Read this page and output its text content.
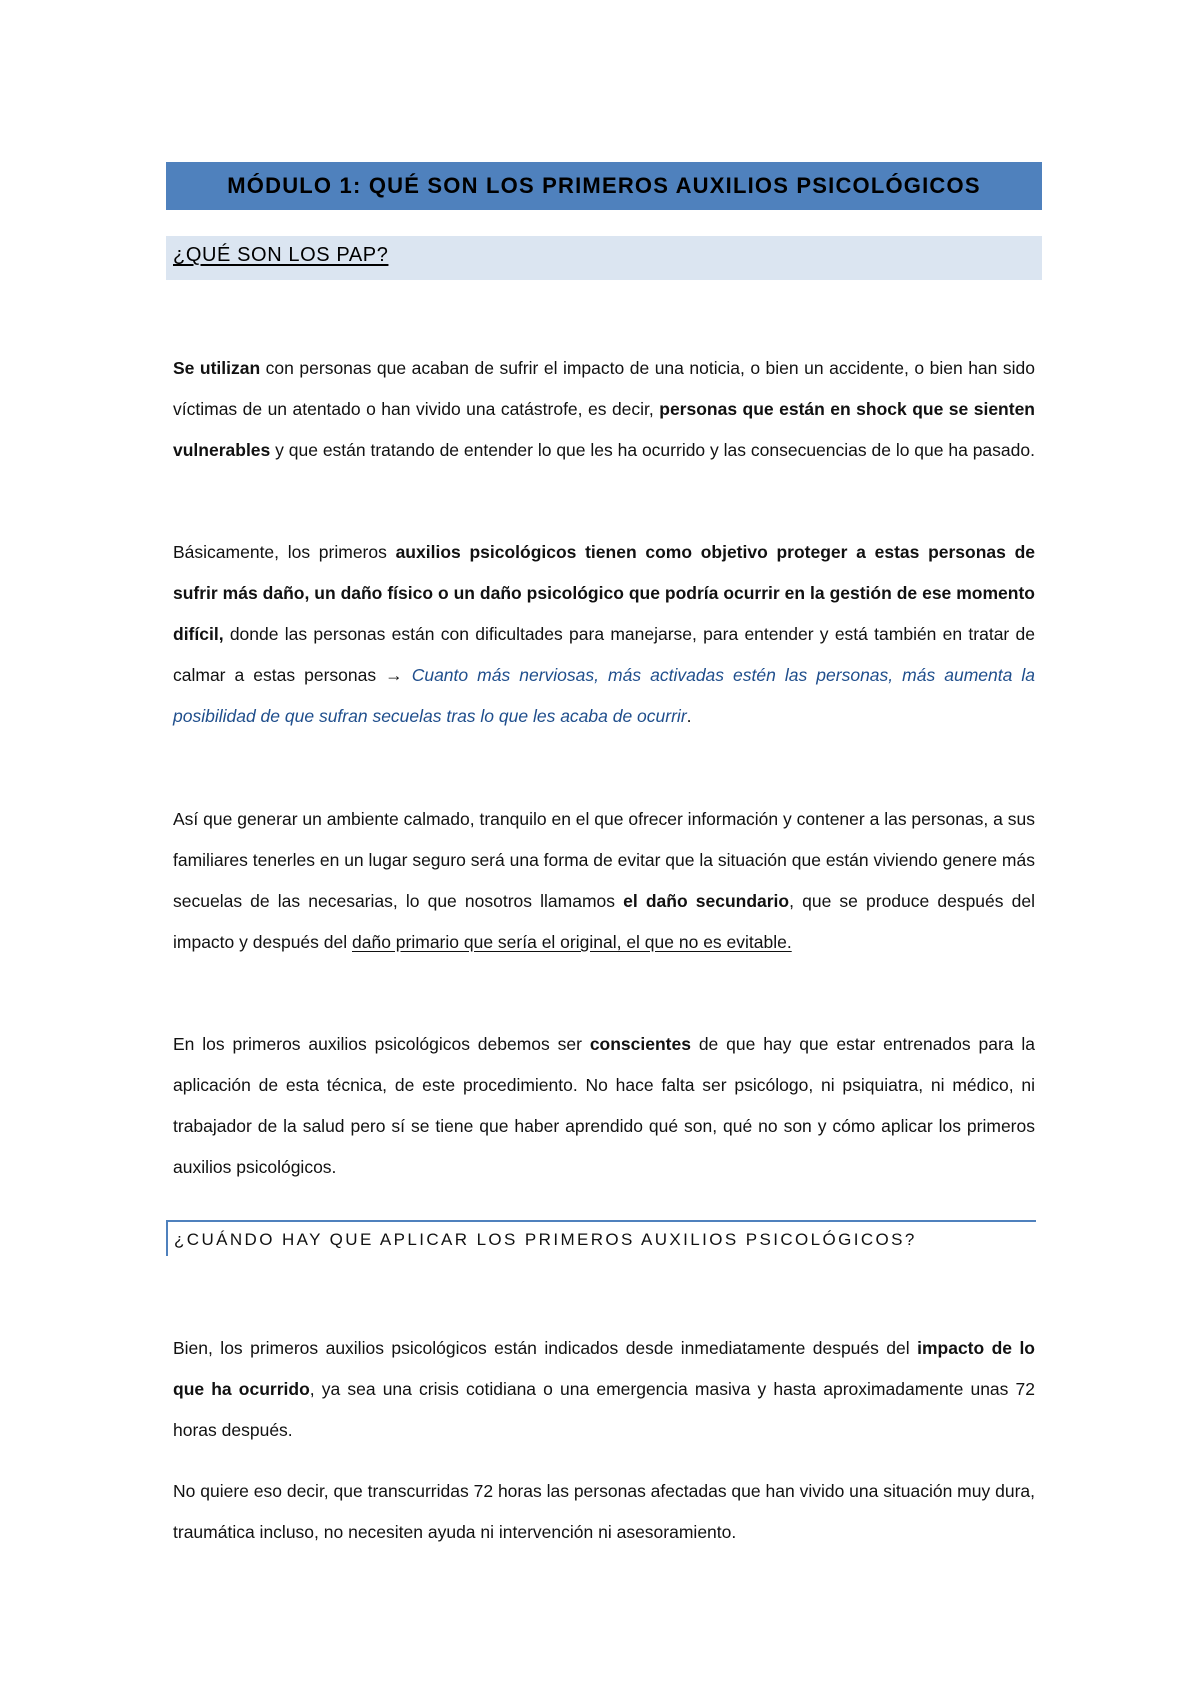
MÓDULO 1: QUÉ SON LOS PRIMEROS AUXILIOS PSICOLÓGICOS
¿QUÉ SON LOS PAP?

Se utilizan con personas que acaban de sufrir el impacto de una noticia, o bien un accidente, o bien han sido víctimas de un atentado o han vivido una catástrofe, es decir, personas que están en shock que se sienten vulnerables y que están tratando de entender lo que les ha ocurrido y las consecuencias de lo que ha pasado.

Básicamente, los primeros auxilios psicológicos tienen como objetivo proteger a estas personas de sufrir más daño, un daño físico o un daño psicológico que podría ocurrir en la gestión de ese momento difícil, donde las personas están con dificultades para manejarse, para entender y está también en tratar de calmar a estas personas → Cuanto más nerviosas, más activadas estén las personas, más aumenta la posibilidad de que sufran secuelas tras lo que les acaba de ocurrir.

Así que generar un ambiente calmado, tranquilo en el que ofrecer información y contener a las personas, a sus familiares tenerles en un lugar seguro será una forma de evitar que la situación que están viviendo genere más secuelas de las necesarias, lo que nosotros llamamos el daño secundario, que se produce después del impacto y después del daño primario que sería el original, el que no es evitable.

En los primeros auxilios psicológicos debemos ser conscientes de que hay que estar entrenados para la aplicación de esta técnica, de este procedimiento. No hace falta ser psicólogo, ni psiquiatra, ni médico, ni trabajador de la salud pero sí se tiene que haber aprendido qué son, qué no son y cómo aplicar los primeros auxilios psicológicos.

¿CUÁNDO HAY QUE APLICAR LOS PRIMEROS AUXILIOS PSICOLÓGICOS?

Bien, los primeros auxilios psicológicos están indicados desde inmediatamente después del impacto de lo que ha ocurrido, ya sea una crisis cotidiana o una emergencia masiva y hasta aproximadamente unas 72 horas después.

No quiere eso decir, que transcurridas 72 horas las personas afectadas que han vivido una situación muy dura, traumática incluso, no necesiten ayuda ni intervención ni asesoramiento.
